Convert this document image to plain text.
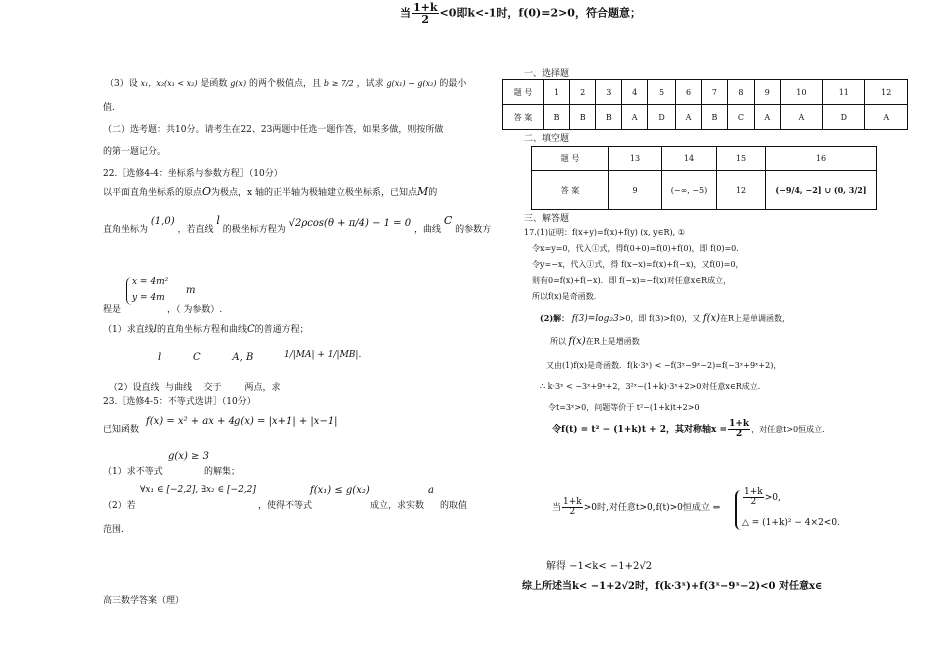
当 $\frac{1+k}{2} <0$即k<-1时，f(0)=2>0，符合题意；
（3）设 x₁，x₂(x₁ < x₂) 是函数 g(x) 的两个极值点，且 b ≥ 7/2 ，试求 g(x₁) − g(x₂) 的最小
值.
（二）选考题：共10分。请考生在22、23两题中任选一题作答，如果多做，则按所做
的第一题记分。
22.［选修4-4：坐标系与参数方程］（10分）
以平面直角坐标系的原点O为极点，x 轴的正半轴为极轴建立极坐标系，已知点M的
直角坐标为 (1,0) ，若直线 l 的极坐标方程为 √2ρcos(θ + π/4) − 1 = 0 ，曲线 C 的参数方
x = 4m²
y = 4m
m
程是	，（ 为参数）.
（1）求直线l的直角坐标方程和曲线C的普通方程；
l          C          A, B

（2）设直线  与曲线    交于        两点，求

1/|MA| + 1/|MB|.
23.［选修4-5：不等式选讲］（10分）
已知函数
f(x) = x² + ax + 4 g(x) = |x+1| + |x−1|
g(x) ≥ 3
（1）求不等式	的解集；
∀x₁ ∈ [−2,2], ∃x₂ ∈ [−2,2]	f(x₁) ≤ g(x₂)	a
（2）若	，使得不等式	成立，求实数 的取值
范围.
高三数学答案（理）
一、选择题
题 号	1	2	3	4	5	6	7	8	9	10	11	12
答 案	B	B	B	A	D	A	B	C	A	A	D	A
二、填空题
题 号	13	14	15	16
答 案	9	(−∞, −5)	12	(−9/4, −2] ∪ (0, 3/2]
三、解答题
17.(1)证明：f(x+y)=f(x)+f(y) (x, y∈R), ①
令x=y=0，代入①式，得f(0+0)=f(0)+f(0)，即 f(0)=0.
令y=−x，代入①式，得 f(x−x)=f(x)+f(−x)，又f(0)=0，
则有0=f(x)+f(−x)．即 f(−x)=−f(x)对任意x∈R成立，
所以f(x)是奇函数.
(2)解： f(3)=log₂3>0，即 f(3)>f(0)，又 f(x)在R上是单调函数，
所以 f(x)在R上是增函数
又由(1)f(x)是奇函数．f(k·3ˣ) < −f(3ˣ−9ˣ−2)=f(−3ˣ+9ˣ+2)，
∴ k·3ˣ < −3ˣ+9ˣ+2，3²ˣ−(1+k)·3ˣ+2>0对任意x∈R成立.
令t=3ˣ>0，问题等价于 t²−(1+k)t+2>0
令f(t) = t² − (1+k)t + 2，其对称轴$x = \frac{1+k}{2}$ ，对任意t>0恒成立.
当 $\frac{1+k}{2} >0$时,对任意t>0,f(t)>0恒成立 ⇔
$\frac{1+k}{2} >0$,
△ = (1+k)² − 4×2<0.
解得 −1<k< −1+2√2
综上所述当k< −1+2√2时，f(k·3ˣ)+f(3ˣ−9ˣ−2)<0 对任意x∈
